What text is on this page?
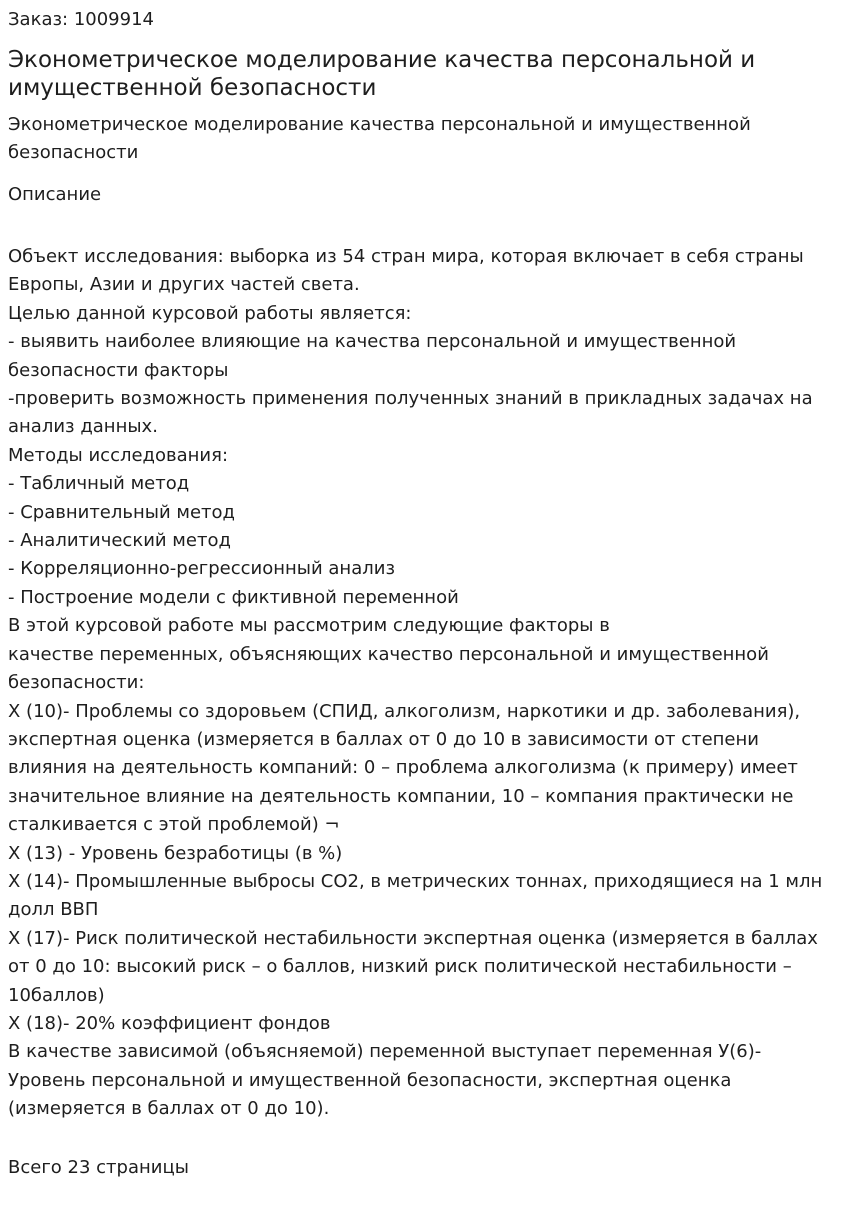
Заказ: 1009914
Эконометрическое моделирование качества персональной и имущественной безопасности
Эконометрическое моделирование качества персональной и имущественной безопасности
Описание
Объект исследования: выборка из 54 стран мира, которая включает в себя страны Европы, Азии и других частей света.
Целью данной курсовой работы является:
- выявить наиболее влияющие на качества персональной и имущественной безопасности факторы
-проверить возможность применения полученных знаний в прикладных задачах на анализ данных.
Методы исследования:
- Табличный метод
- Сравнительный метод
- Аналитический метод
- Корреляционно-регрессионный анализ
- Построение модели с фиктивной переменной
В этой курсовой работе мы рассмотрим следующие факторы в
качестве переменных, объясняющих качество персональной и имущественной безопасности:
X (10)- Проблемы со здоровьем (СПИД, алкоголизм, наркотики и др. заболевания), экспертная оценка (измеряется в баллах от 0 до 10 в зависимости от степени влияния на деятельность компаний: 0 – проблема алкоголизма (к примеру) имеет значительное влияние на деятельность компании, 10 – компания практически не сталкивается с этой проблемой) ¬
X (13) - Уровень безработицы (в %)
X (14)- Промышленные выбросы СО2, в метрических тоннах, приходящиеся на 1 млн долл ВВП
X (17)- Риск политической нестабильности экспертная оценка (измеряется в баллах от 0 до 10: высокий риск – о баллов, низкий риск политической нестабильности – 10баллов)
X (18)- 20% коэффициент фондов
В качестве зависимой (объясняемой) переменной выступает переменная У(6)- Уровень персональной и имущественной безопасности, экспертная оценка (измеряется в баллах от 0 до 10).
Всего 23 страницы
